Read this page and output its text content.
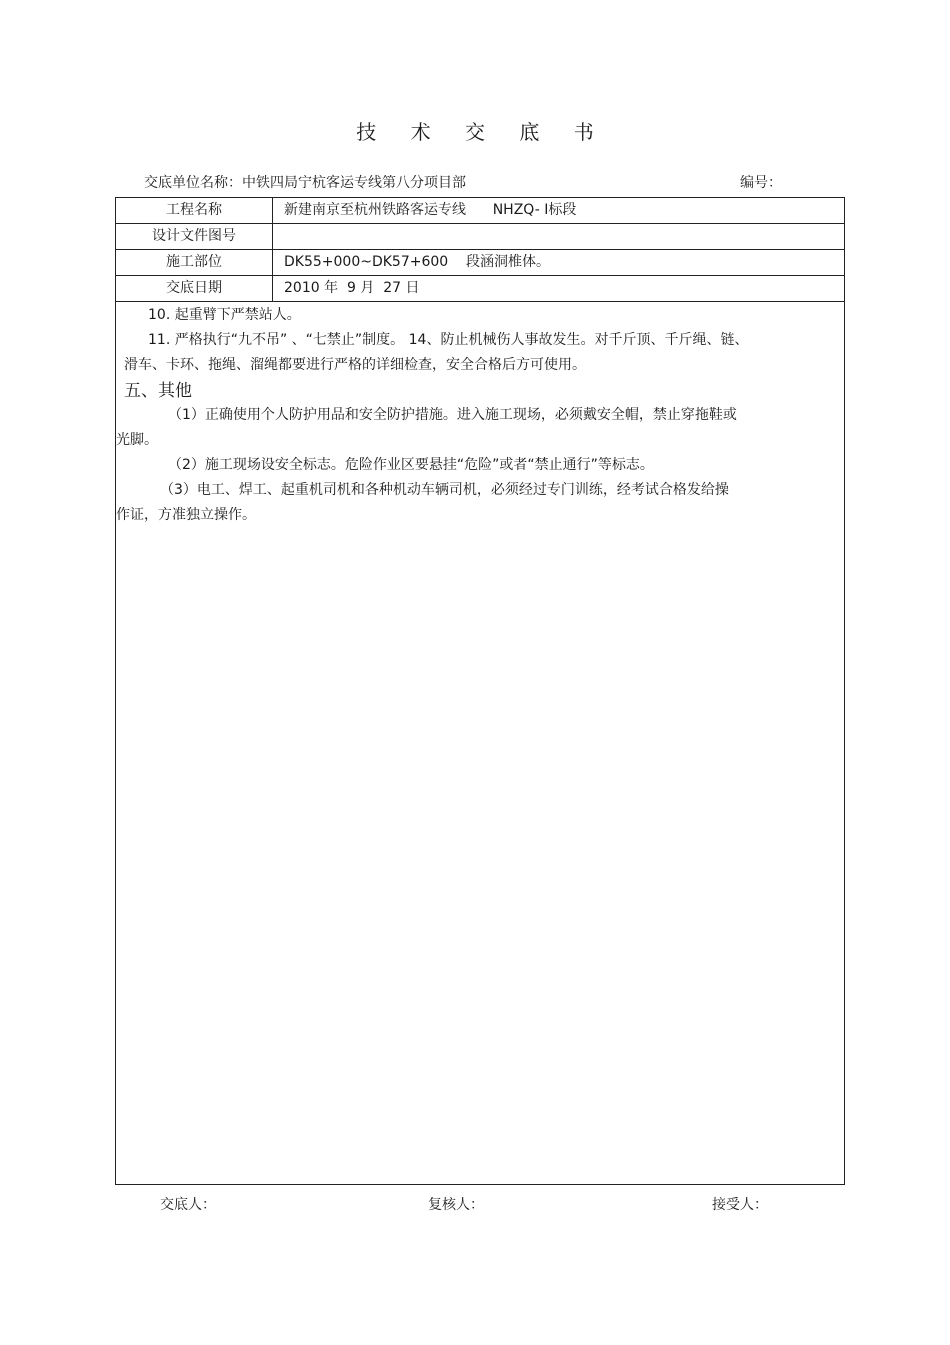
技 术 交 底 书
交底单位名称：中铁四局宁杭客运专线第八分项目部	编号：
工程名称	新建南京至杭州铁路客运专线      NHZQ- Ⅰ标段
设计文件图号
施工部位	DK55+000~DK57+600    段涵洞椎体。
交底日期	2010 年  9 月  27 日
10. 起重臂下严禁站人。
11. 严格执行“九不吊” 、“七禁止”制度。 14、防止机械伤人事故发生。对千斤顶、千斤绳、链、
滑车、卡环、拖绳、溜绳都要进行严格的详细检查，安全合格后方可使用。
五、其他
（1）正确使用个人防护用品和安全防护措施。进入施工现场，必须戴安全帽，禁止穿拖鞋或
光脚。
（2）施工现场设安全标志。危险作业区要悬挂“危险”或者“禁止通行”等标志。
（3）电工、焊工、起重机司机和各种机动车辆司机，必须经过专门训练，经考试合格发给操
作证，方准独立操作。
交底人：	复核人：	接受人：
